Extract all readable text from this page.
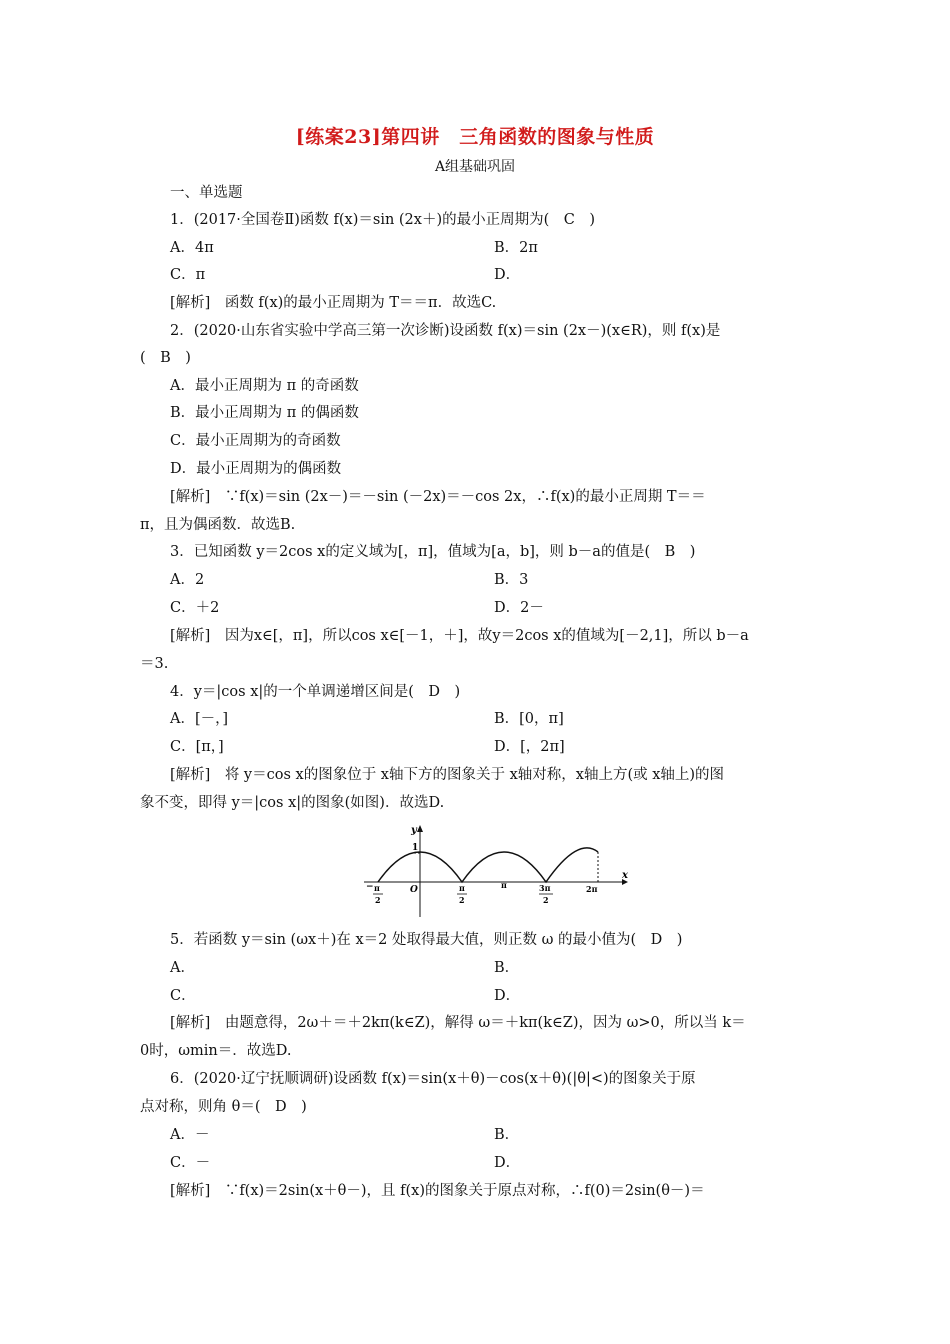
[练案23]第四讲　三角函数的图象与性质
A组基础巩固
一、单选题
1．(2017·全国卷Ⅱ)函数 f(x)＝sin (2x＋)的最小正周期为(　C　)
A．4π	B．2π
C．π	D．
[解析]　函数 f(x)的最小正周期为 T＝＝π．故选C.
2．(2020·山东省实验中学高三第一次诊断)设函数 f(x)＝sin (2x－)(x∈R)，则 f(x)是
(　B　)
A．最小正周期为 π 的奇函数
B．最小正周期为 π 的偶函数
C．最小正周期为的奇函数
D．最小正周期为的偶函数
[解析]　∵f(x)＝sin (2x－)＝－sin (－2x)＝－cos 2x，∴f(x)的最小正周期 T＝＝
π，且为偶函数．故选B.
3．已知函数 y＝2cos x的定义域为[，π]，值域为[a，b]，则 b－a的值是(　B　)
A．2	B．3
C．＋2	D．2－
[解析]　因为x∈[，π]，所以cos x∈[－1，＋]，故y＝2cos x的值域为[－2,1]，所以 b－a
＝3.
4．y＝|cos x|的一个单调递增区间是(　D　)
A．[－，]	B．[0，π]
C．[π，]	D．[，2π]
[解析]　将 y＝cos x的图象位于 x轴下方的图象关于 x轴对称，x轴上方(或 x轴上)的图
象不变，即得 y＝|cos x|的图象(如图)．故选D.
y
x
1
O
− π
2
π
2
π	3π
2
2π
5．若函数 y＝sin (ωx＋)在 x＝2 处取得最大值，则正数 ω 的最小值为(　D　)
A．	B．
C．	D．
[解析]　由题意得，2ω＋＝＋2kπ(k∈Z)，解得 ω＝＋kπ(k∈Z)，因为 ω>0，所以当 k＝
0时，ωmin＝．故选D.
6．(2020·辽宁抚顺调研)设函数 f(x)＝sin(x＋θ)－cos(x＋θ)(|θ|<)的图象关于原
点对称，则角 θ＝(　D　)
A．－	B．
C．－	D．
[解析]　∵f(x)＝2sin(x＋θ－)，且 f(x)的图象关于原点对称，∴f(0)＝2sin(θ－)＝
